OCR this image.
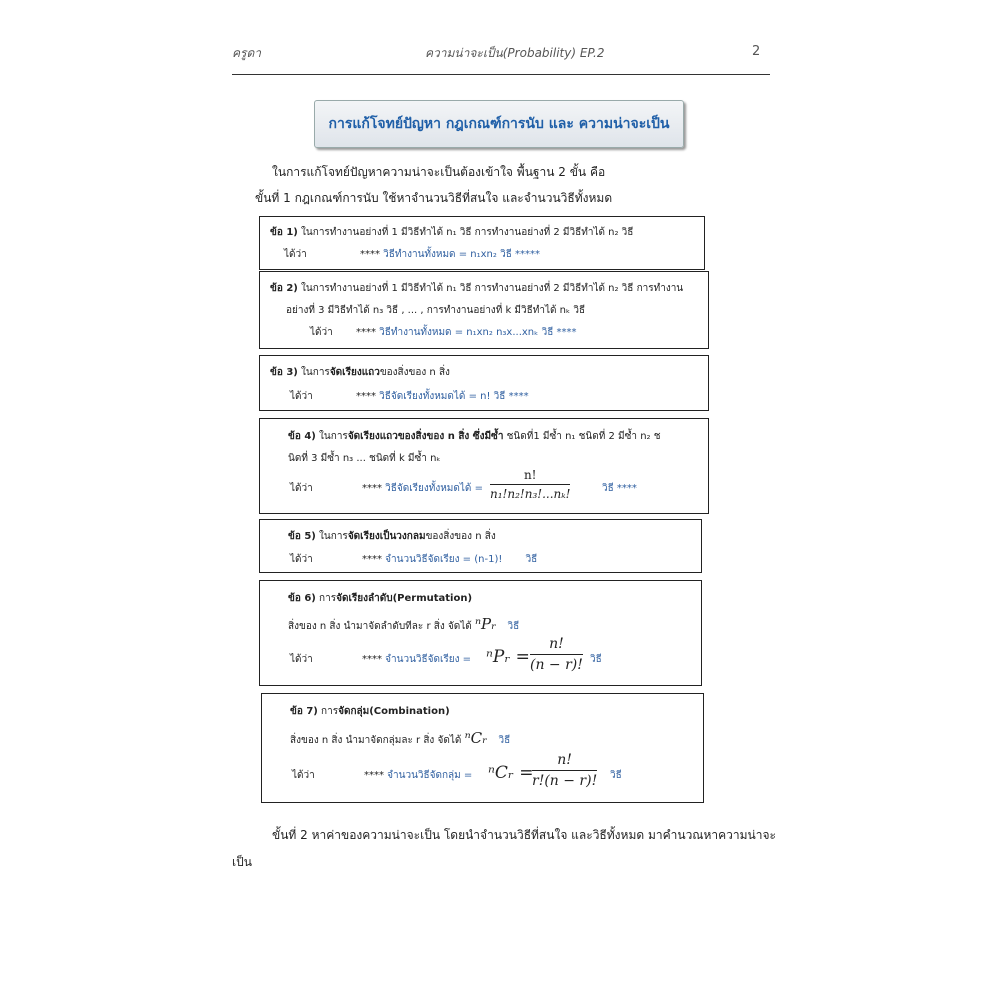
ครูดา	ความน่าจะเป็น(Probability) EP.2	2
การแก้โจทย์ปัญหา กฎเกณฑ์การนับ และ ความน่าจะเป็น
ในการแก้โจทย์ปัญหาความน่าจะเป็นต้องเข้าใจ พื้นฐาน 2 ขั้น คือ
ขั้นที่ 1 กฎเกณฑ์การนับ ใช้หาจำนวนวิธีที่สนใจ และจำนวนวิธีทั้งหมด
ข้อ 1) ในการทำงานอย่างที่ 1 มีวิธีทำได้ n₁ วิธี การทำงานอย่างที่ 2 มีวิธีทำได้ n₂ วิธี
ได้ว่า	**** วิธีทำงานทั้งหมด = n₁xn₂ วิธี *****
ข้อ 2) ในการทำงานอย่างที่ 1 มีวิธีทำได้ n₁ วิธี การทำงานอย่างที่ 2 มีวิธีทำได้ n₂ วิธี การทำงาน
อย่างที่ 3 มีวิธีทำได้ n₃ วิธี , ... , การทำงานอย่างที่ k มีวิธีทำได้ nₖ วิธี
ได้ว่า **** วิธีทำงานทั้งหมด = n₁xn₂ n₃x...xnₖ วิธี ****
ข้อ 3) ในการจัดเรียงแถวของสิ่งของ n สิ่ง
ได้ว่า	**** วิธีจัดเรียงทั้งหมดได้ = n! วิธี ****
ข้อ 4) ในการจัดเรียงแถวของสิ่งของ n สิ่ง ซึ่งมีซ้ำ ชนิดที่1 มีซ้ำ n₁ ชนิดที่ 2 มีซ้ำ n₂ ช
นิดที่ 3 มีซ้ำ n₃ ... ชนิดที่ k มีซ้ำ nₖ
ได้ว่า	**** วิธีจัดเรียงทั้งหมดได้ =
n!
n₁!n₂!n₃!...nₖ!	วิธี ****
ข้อ 5) ในการจัดเรียงเป็นวงกลมของสิ่งของ n สิ่ง
ได้ว่า	**** จำนวนวิธีจัดเรียง = (n-1)! วิธี
ข้อ 6) การจัดเรียงลำดับ(Permutation)
สิ่งของ n สิ่ง นำมาจัดลำดับทีละ r สิ่ง จัดได้ ⁿPᵣ วิธี
ได้ว่า	**** จำนวนวิธีจัดเรียง = ⁿPᵣ =
n!
(n − r)! วิธี
ข้อ 7) การจัดกลุ่ม(Combination)
สิ่งของ n สิ่ง นำมาจัดกลุ่มละ r สิ่ง จัดได้ ⁿCᵣ วิธี
ได้ว่า	**** จำนวนวิธีจัดกลุ่ม = ⁿCᵣ =
n!
r!(n − r)! วิธี
ขั้นที่ 2 หาค่าของความน่าจะเป็น โดยนำจำนวนวิธีที่สนใจ และวิธีทั้งหมด มาคำนวณหาความน่าจะ
เป็น
